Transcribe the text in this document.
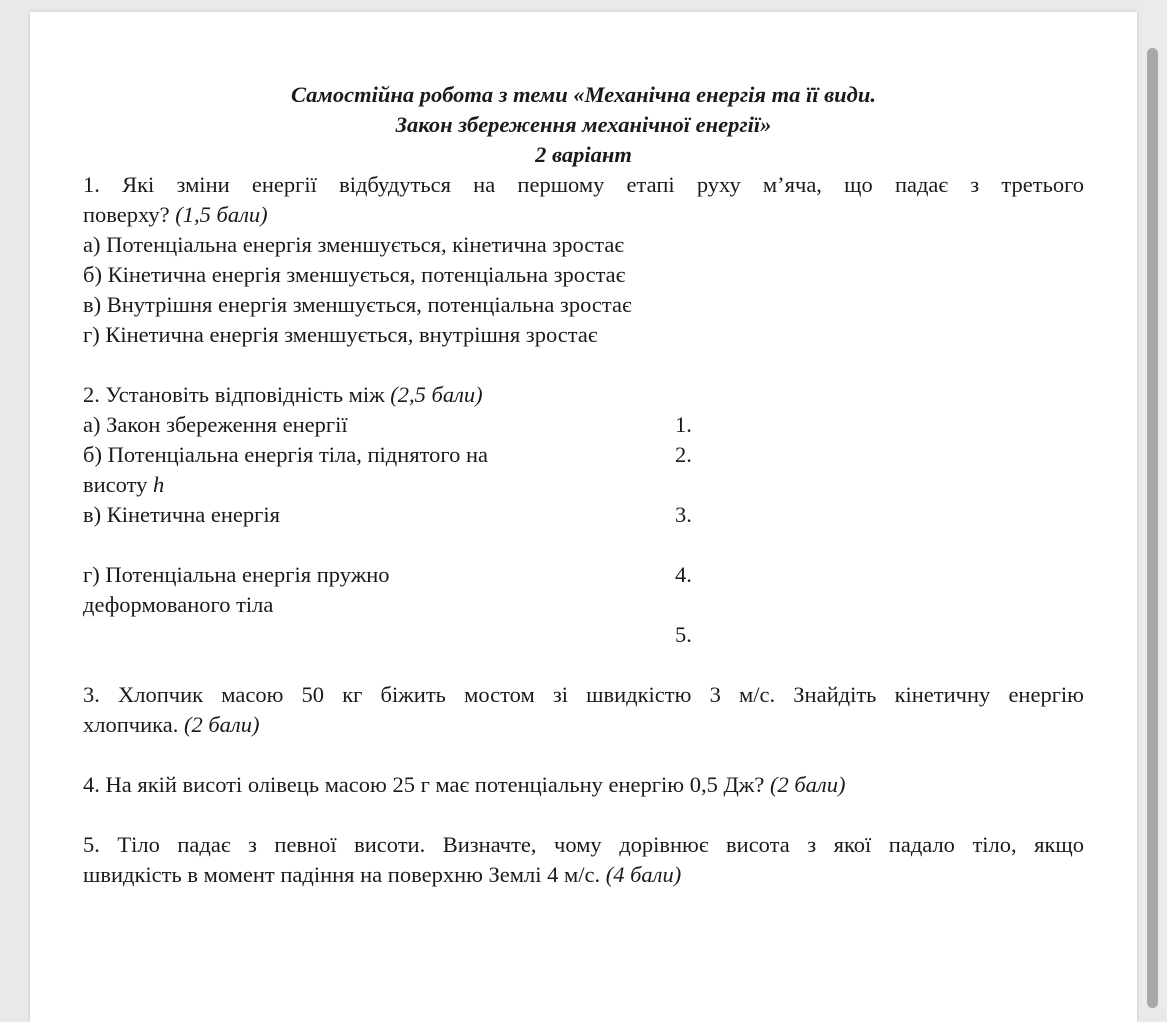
Самостійна робота з теми «Механічна енергія та її види.
Закон збереження механічної енергії»
2 варіант
1. Які зміни енергії відбудуться на першому етапі руху м’яча, що падає з третього
поверху? (1,5 бали)
а) Потенціальна енергія зменшується, кінетична зростає
б) Кінетична енергія зменшується, потенціальна зростає
в) Внутрішня енергія зменшується, потенціальна зростає
г) Кінетична енергія зменшується, внутрішня зростає
2. Установіть відповідність між (2,5 бали)
а) Закон збереження енергії	1.
б) Потенціальна енергія тіла, піднятого на	2.
висоту h
в) Кінетична енергія	3.
г) Потенціальна енергія пружно	4.
деформованого тіла
5.
3. Хлопчик масою 50 кг біжить мостом зі швидкістю 3 м/с. Знайдіть кінетичну енергію
хлопчика. (2 бали)
4. На якій висоті олівець масою 25 г має потенціальну енергію 0,5 Дж? (2 бали)
5. Тіло падає з певної висоти. Визначте, чому дорівнює висота з якої падало тіло, якщо
швидкість в момент падіння на поверхню Землі 4 м/с. (4 бали)
